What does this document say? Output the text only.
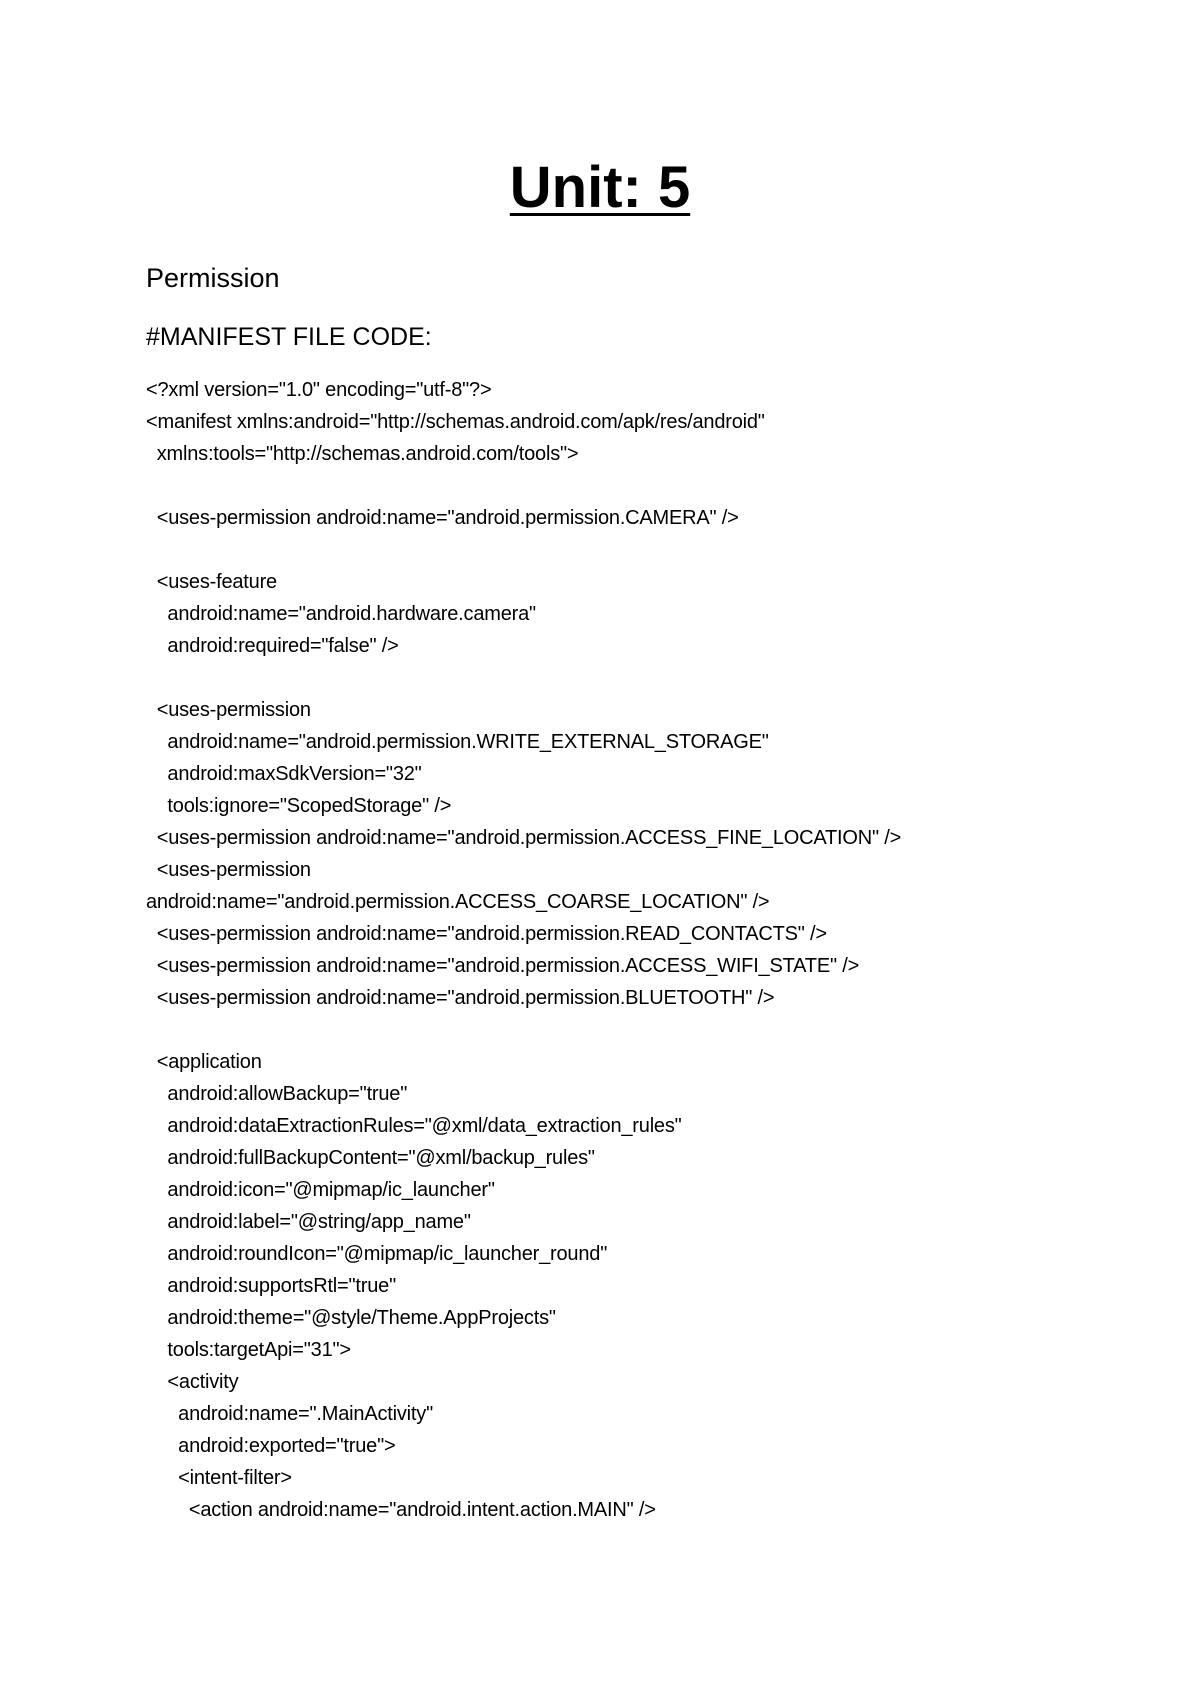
Unit: 5
Permission
#MANIFEST FILE CODE:
<?xml version="1.0" encoding="utf-8"?>
<manifest xmlns:android="http://schemas.android.com/apk/res/android"
xmlns:tools="http://schemas.android.com/tools">
<uses-permission android:name="android.permission.CAMERA" />
<uses-feature
android:name="android.hardware.camera"
android:required="false" />
<uses-permission
android:name="android.permission.WRITE_EXTERNAL_STORAGE"
android:maxSdkVersion="32"
tools:ignore="ScopedStorage" />
<uses-permission android:name="android.permission.ACCESS_FINE_LOCATION" />
<uses-permission
android:name="android.permission.ACCESS_COARSE_LOCATION" />
<uses-permission android:name="android.permission.READ_CONTACTS" />
<uses-permission android:name="android.permission.ACCESS_WIFI_STATE" />
<uses-permission android:name="android.permission.BLUETOOTH" />
<application
android:allowBackup="true"
android:dataExtractionRules="@xml/data_extraction_rules"
android:fullBackupContent="@xml/backup_rules"
android:icon="@mipmap/ic_launcher"
android:label="@string/app_name"
android:roundIcon="@mipmap/ic_launcher_round"
android:supportsRtl="true"
android:theme="@style/Theme.AppProjects"
tools:targetApi="31">
<activity
android:name=".MainActivity"
android:exported="true">
<intent-filter>
<action android:name="android.intent.action.MAIN" />
